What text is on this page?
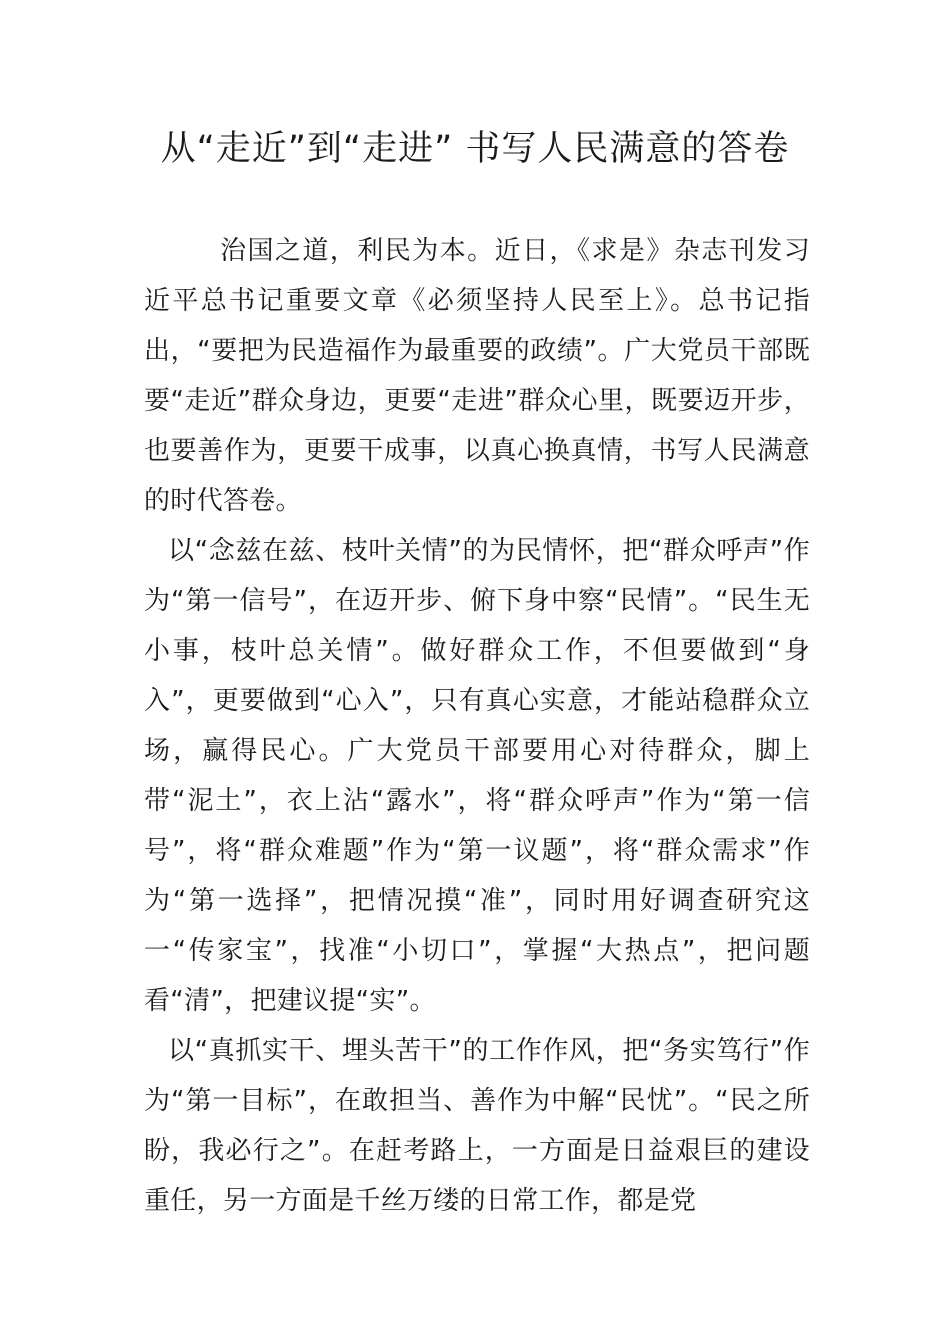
从“走近”到“走进” 书写人民满意的答卷

治国之道，利民为本。近日，《求是》杂志刊发习近平总书记重要文章《必须坚持人民至上》。总书记指出，“要把为民造福作为最重要的政绩”。广大党员干部既要“走近”群众身边，更要“走进”群众心里，既要迈开步，也要善作为，更要干成事，以真心换真情，书写人民满意的时代答卷。

以“念兹在兹、枝叶关情”的为民情怀，把“群众呼声”作为“第一信号”，在迈开步、俯下身中察“民情”。“民生无小事，枝叶总关情”。做好群众工作，不但要做到“身入”，更要做到“心入”，只有真心实意，才能站稳群众立场，赢得民心。广大党员干部要用心对待群众，脚上带“泥土”，衣上沾“露水”，将“群众呼声”作为“第一信号”，将“群众难题”作为“第一议题”，将“群众需求”作为“第一选择”，把情况摸“准”，同时用好调查研究这一“传家宝”，找准“小切口”，掌握“大热点”，把问题看“清”，把建议提“实”。

以“真抓实干、埋头苦干”的工作作风，把“务实笃行”作为“第一目标”，在敢担当、善作为中解“民忧”。“民之所盼，我必行之”。在赶考路上，一方面是日益艰巨的建设重任，另一方面是千丝万缕的日常工作，都是党
